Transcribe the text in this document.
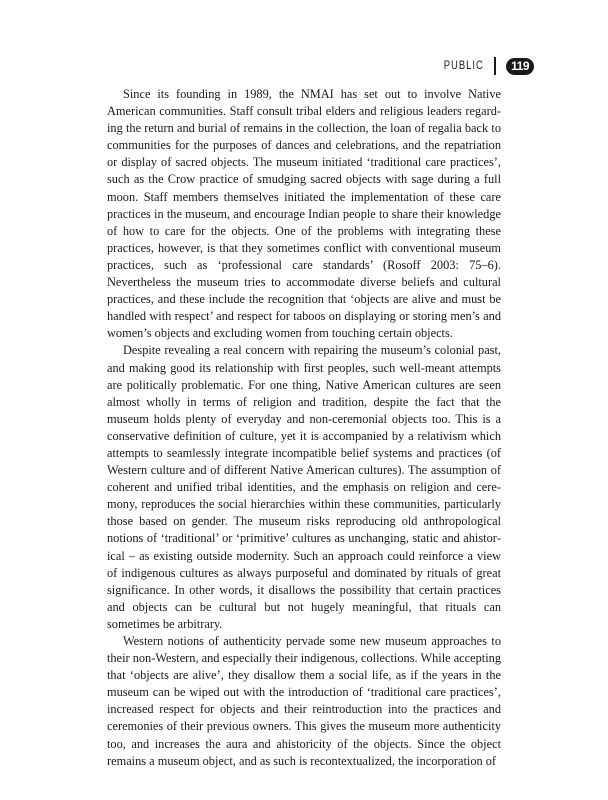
PUBLIC	119

Since its founding in 1989, the NMAI has set out to involve Native American communities. Staff consult tribal elders and religious leaders regarding the return and burial of remains in the collection, the loan of regalia back to communities for the purposes of dances and celebrations, and the repatriation or display of sacred objects. The museum initiated ‘traditional care practices’, such as the Crow practice of smudging sacred objects with sage during a full moon. Staff members themselves initiated the implementation of these care practices in the museum, and encourage Indian people to share their knowledge of how to care for the objects. One of the problems with integrating these practices, however, is that they sometimes conflict with conventional museum practices, such as ‘professional care standards’ (Rosoff 2003: 75–6). Nevertheless the museum tries to accommodate diverse beliefs and cultural practices, and these include the recognition that ‘objects are alive and must be handled with respect’ and respect for taboos on displaying or storing men’s and women’s objects and excluding women from touching certain objects.

Despite revealing a real concern with repairing the museum’s colonial past, and making good its relationship with first peoples, such well-meant attempts are politically problematic. For one thing, Native American cultures are seen almost wholly in terms of religion and tradition, despite the fact that the museum holds plenty of everyday and non-ceremonial objects too. This is a conservative definition of culture, yet it is accompanied by a relativism which attempts to seamlessly integrate incompatible belief systems and practices (of Western culture and of different Native American cultures). The assumption of coherent and unified tribal identities, and the emphasis on religion and ceremony, reproduces the social hierarchies within these communities, particularly those based on gender. The museum risks reproducing old anthropological notions of ‘traditional’ or ‘primitive’ cultures as unchanging, static and ahistorical – as existing outside modernity. Such an approach could reinforce a view of indigenous cultures as always purposeful and dominated by rituals of great significance. In other words, it disallows the possibility that certain practices and objects can be cultural but not hugely meaningful, that rituals can sometimes be arbitrary.

Western notions of authenticity pervade some new museum approaches to their non-Western, and especially their indigenous, collections. While accepting that ‘objects are alive’, they disallow them a social life, as if the years in the museum can be wiped out with the introduction of ‘traditional care practices’, increased respect for objects and their reintroduction into the practices and ceremonies of their previous owners. This gives the museum more authenticity too, and increases the aura and ahistoricity of the objects. Since the object remains a museum object, and as such is recontextualized, the incorporation of
